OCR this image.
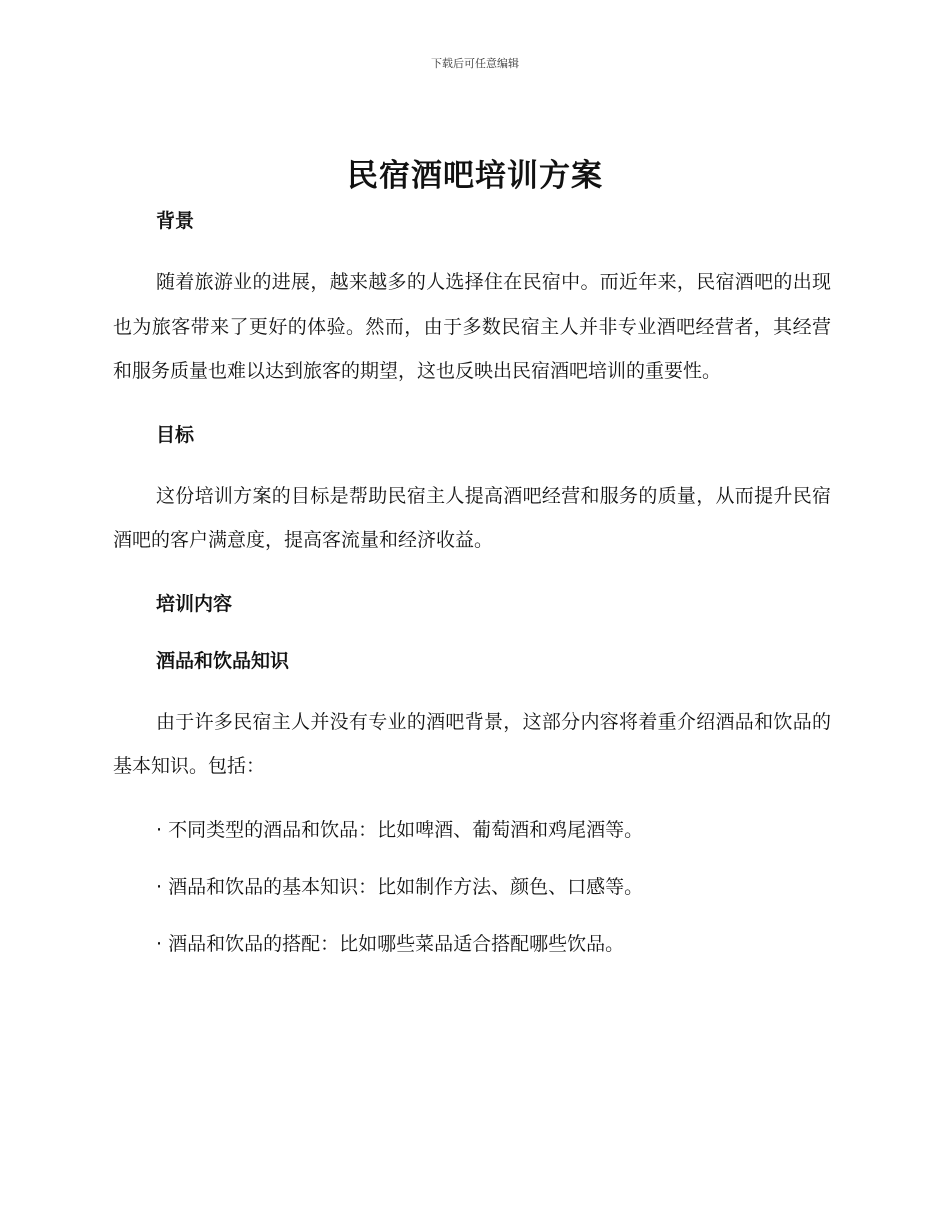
下载后可任意编辑
民宿酒吧培训方案
背景

随着旅游业的进展，越来越多的人选择住在民宿中。而近年来，民宿酒吧的出现也为旅客带来了更好的体验。然而，由于多数民宿主人并非专业酒吧经营者，其经营和服务质量也难以达到旅客的期望，这也反映出民宿酒吧培训的重要性。

目标

这份培训方案的目标是帮助民宿主人提高酒吧经营和服务的质量，从而提升民宿酒吧的客户满意度，提高客流量和经济收益。

培训内容
酒品和饮品知识

由于许多民宿主人并没有专业的酒吧背景，这部分内容将着重介绍酒品和饮品的基本知识。包括：

· 不同类型的酒品和饮品：比如啤酒、葡萄酒和鸡尾酒等。

· 酒品和饮品的基本知识：比如制作方法、颜色、口感等。

· 酒品和饮品的搭配：比如哪些菜品适合搭配哪些饮品。
